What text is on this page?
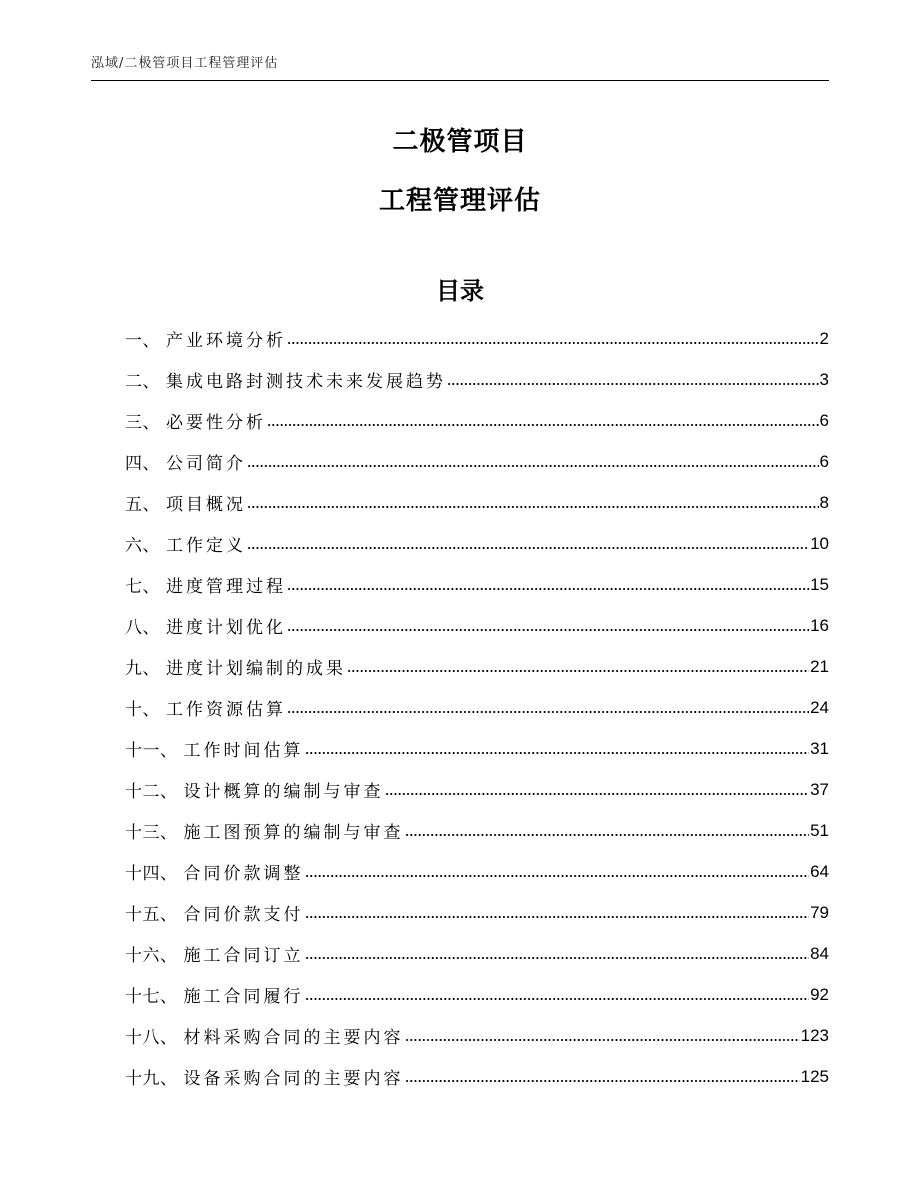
泓域/二极管项目工程管理评估
二极管项目
工程管理评估
目录
一、 产业环境分析	2
二、 集成电路封测技术未来发展趋势	3
三、 必要性分析	6
四、 公司简介	6
五、 项目概况	8
六、 工作定义	10
七、 进度管理过程	15
八、 进度计划优化	16
九、 进度计划编制的成果	21
十、 工作资源估算	24
十一、 工作时间估算	31
十二、 设计概算的编制与审查	37
十三、 施工图预算的编制与审查	51
十四、 合同价款调整	64
十五、 合同价款支付	79
十六、 施工合同订立	84
十七、 施工合同履行	92
十八、 材料采购合同的主要内容	123
十九、 设备采购合同的主要内容	125
